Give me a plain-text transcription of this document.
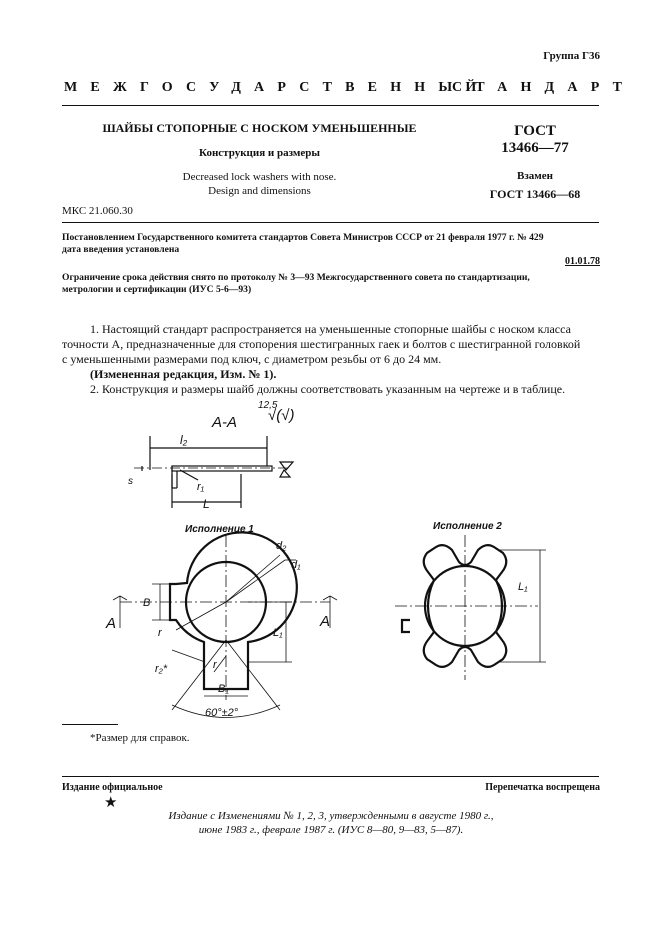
Группа Г36
МЕЖГОСУДАРСТВЕННЫЙ
СТАНДАРТ
ШАЙБЫ СТОПОРНЫЕ С НОСКОМ УМЕНЬШЕННЫЕ
Конструкция и размеры
Decreased lock washers with nose.
Design and dimensions
МКС 21.060.30
ГОСТ
13466—77
Взамен
ГОСТ 13466—68
Постановлением Государственного комитета стандартов Совета Министров СССР от 21 февраля 1977 г. № 429
дата введения установлена
01.01.78
Ограничение срока действия снято по протоколу № 3—93 Межгосударственного совета по стандартизации,
метрологии и сертификации (ИУС 5-6—93)
1. Настоящий стандарт распространяется на уменьшенные стопорные шайбы с носком класса
точности А, предназначенные для стопорения шестигранных гаек и болтов с шестигранной головкой
с уменьшенными размерами под ключ, с диаметром резьбы от 6 до 24 мм.
(Измененная редакция, Изм. № 1).
2. Конструкция и размеры шайб должны соответствовать указанным на чертеже и в таблице.
А-А
12,5
√(√)
l₂
s	r₁
L
Исполнение 1
d₂
d₁
B
r	L₁
r₂*	r
B₁
60°±2°
А	А
Исполнение 2
L₁
*Размер для справок.
Издание официальное	Перепечатка воспрещена
★
Издание с Изменениями № 1, 2, 3, утвержденными в августе 1980 г.,
июне 1983 г., феврале 1987 г. (ИУС 8—80, 9—83, 5—87).
